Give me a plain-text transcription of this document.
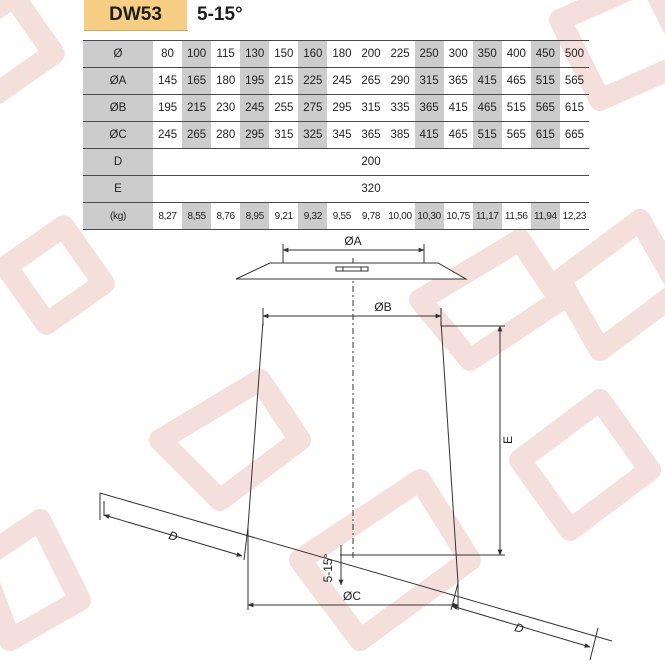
DW53	5-15°
Ø	80	100	115	130	150	160	180	200	225	250	300	350	400	450	500
ØA	145	165	180	195	215	225	245	265	290	315	365	415	465	515	565
ØB	195	215	230	245	255	275	295	315	335	365	415	465	515	565	615
ØC	245	265	280	295	315	325	345	365	385	415	465	515	565	615	665
D	200														
E	320														
(kg)	8,27	8,55	8,76	8,95	9,21	9,32	9,55	9,78	10,00	10,30	10,75	11,17	11,56	11,94	12,23
ØA
ØB
E
ØC
D
D
5-15°
